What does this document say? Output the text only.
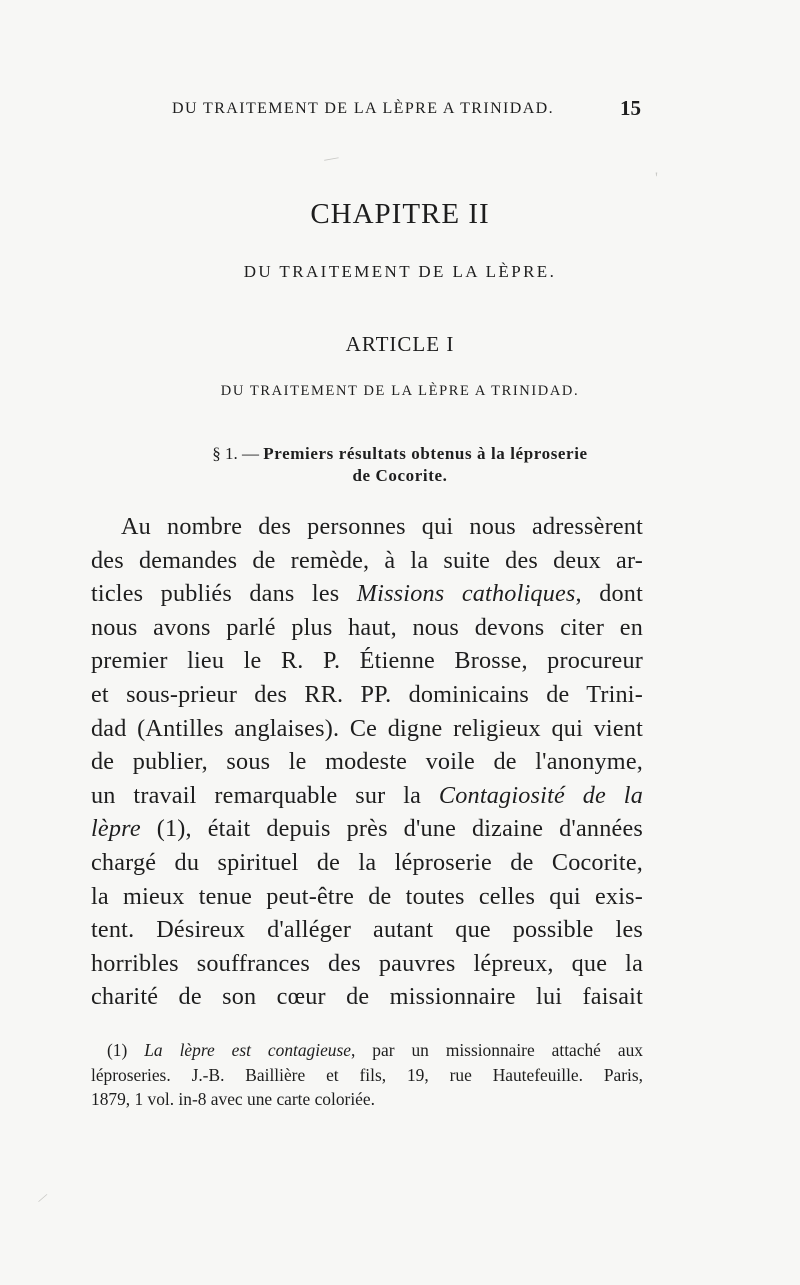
DU TRAITEMENT DE LA LÈPRE A TRINIDAD.	15
CHAPITRE II
DU TRAITEMENT DE LA LÈPRE.
ARTICLE I
DU TRAITEMENT DE LA LÈPRE A TRINIDAD.
§ 1. — Premiers résultats obtenus à la léproserie
de Cocorite.
Au nombre des personnes qui nous adressèrent
des demandes de remède, à la suite des deux ar-
ticles publiés dans les Missions catholiques, dont
nous avons parlé plus haut, nous devons citer en
premier lieu le R. P. Étienne Brosse, procureur
et sous-prieur des RR. PP. dominicains de Trini-
dad (Antilles anglaises). Ce digne religieux qui vient
de publier, sous le modeste voile de l'anonyme,
un travail remarquable sur la Contagiosité de la
lèpre (1), était depuis près d'une dizaine d'années
chargé du spirituel de la léproserie de Cocorite,
la mieux tenue peut-être de toutes celles qui exis-
tent. Désireux d'alléger autant que possible les
horribles souffrances des pauvres lépreux, que la
charité de son cœur de missionnaire lui faisait
(1) La lèpre est contagieuse, par un missionnaire attaché aux
léproseries. J.-B. Baillière et fils, 19, rue Hautefeuille. Paris,
1879, 1 vol. in-8 avec une carte coloriée.
|
'
/
